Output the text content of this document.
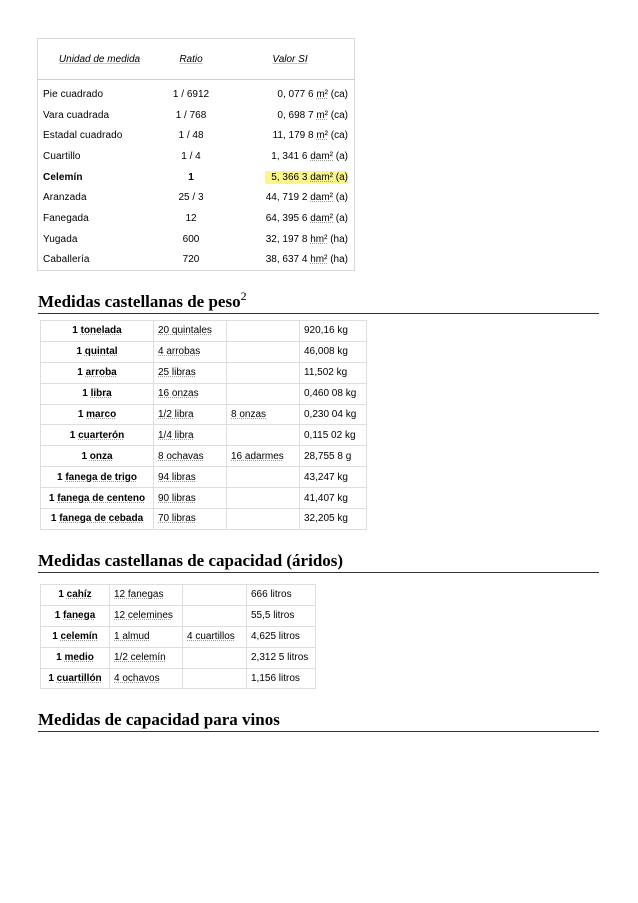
Unidad de medida	Ratio	Valor SI
Pie cuadrado	1 / 6912	0, 077 6 m² (ca)
Vara cuadrada	1 / 768	0, 698 7 m² (ca)
Estadal cuadrado	1 / 48	11, 179 8 m² (ca)
Cuartillo	1 / 4	1, 341 6 dam² (a)
Celemín	1	5, 366 3 dam² (a)
Aranzada	25 / 3	44, 719 2 dam² (a)
Fanegada	12	64, 395 6 dam² (a)
Yugada	600	32, 197 8 hm² (ha)
Caballería	720	38, 637 4 hm² (ha)
Medidas castellanas de peso$^2$
1 tonelada	20 quintales		920,16 kg
1 quintal	4 arrobas		46,008 kg
1 arroba	25 libras		11,502 kg
1 libra	16 onzas		0,460 08 kg
1 marco	1/2 libra	8 onzas	0,230 04 kg
1 cuarterón	1/4 libra		0,115 02 kg
1 onza	8 ochavas	16 adarmes	28,755 8 g
1 fanega de trigo	94 libras		43,247 kg
1 fanega de centeno	90 libras		41,407 kg
1 fanega de cebada	70 libras		32,205 kg
Medidas castellanas de capacidad (áridos)
1 cahíz	12 fanegas		666 litros
1 fanega	12 celemines		55,5 litros
1 celemín	1 almud	4 cuartillos	4,625 litros
1 medio	1/2 celemín		2,312 5 litros
1 cuartillón	4 ochavos		1,156 litros
Medidas de capacidad para vinos
